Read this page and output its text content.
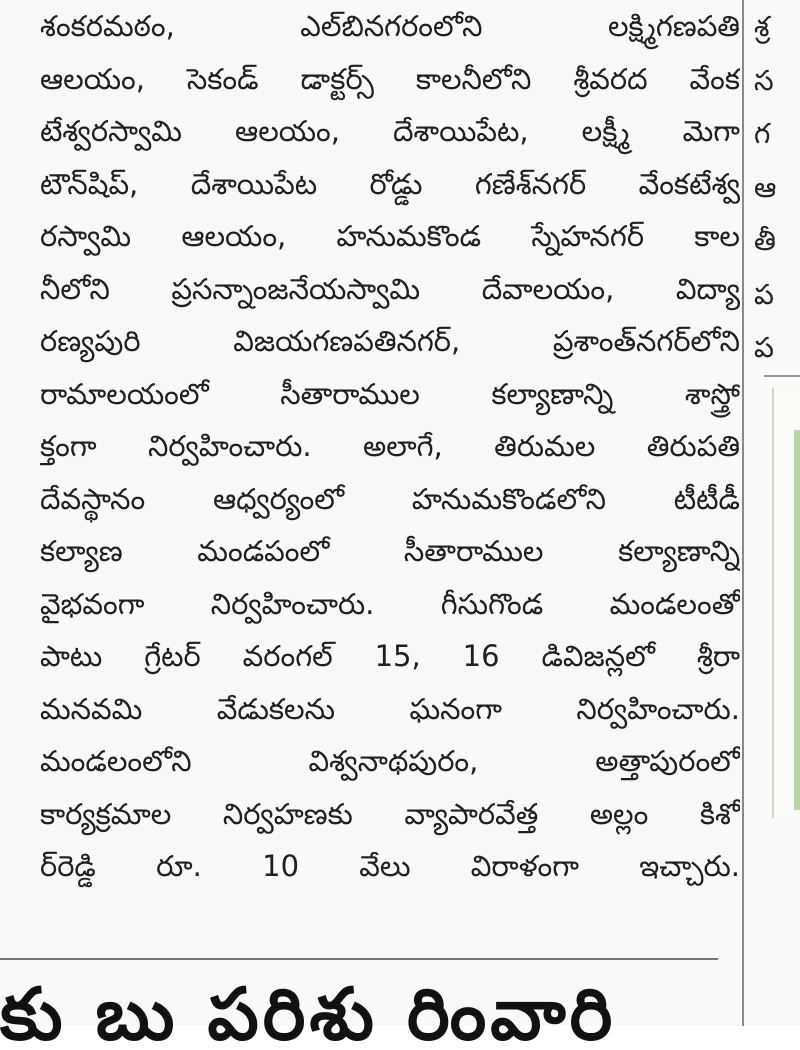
శంకరమఠం, ఎల్‌బినగరంలోని లక్ష్మిగణపతి
ఆలయం, సెకండ్ డాక్టర్స్ కాలనీలోని శ్రీవరద వేంక
టేశ్వరస్వామి ఆలయం, దేశాయిపేట, లక్ష్మీ మెగా
టౌన్‌షిప్, దేశాయిపేట రోడ్డు గణేశ్‌నగర్ వేంకటేశ్వ
రస్వామి ఆలయం, హనుమకొండ స్నేహనగర్ కాల
నీలోని ప్రసన్నాంజనేయస్వామి దేవాలయం, విద్యా
రణ్యపురి విజయగణపతినగర్, ప్రశాంత్‌నగర్‌లోని
రామాలయంలో సీతారాముల కల్యాణాన్ని శాస్త్రో
క్తంగా నిర్వహించారు. అలాగే, తిరుమల తిరుపతి
దేవస్థానం ఆధ్వర్యంలో హనుమకొండలోని టీటీడీ
కల్యాణ మండపంలో సీతారాముల కల్యాణాన్ని
వైభవంగా నిర్వహించారు. గీసుగొండ మండలంతో
పాటు గ్రేటర్ వరంగల్ 15, 16 డివిజన్లలో శ్రీరా
మనవమి వేడుకలను ఘనంగా నిర్వహించారు.
మండలంలోని విశ్వనాథపురం, అత్తాపురంలో
కార్యక్రమాల నిర్వహణకు వ్యాపారవేత్త అల్లం కిశో
ర్‌రెడ్డి రూ. 10 వేలు విరాళంగా ఇచ్చారు.
కు బు పరిశు రింవారి
శ్ర
స
గ
ఆ
తీ
ప
ప
